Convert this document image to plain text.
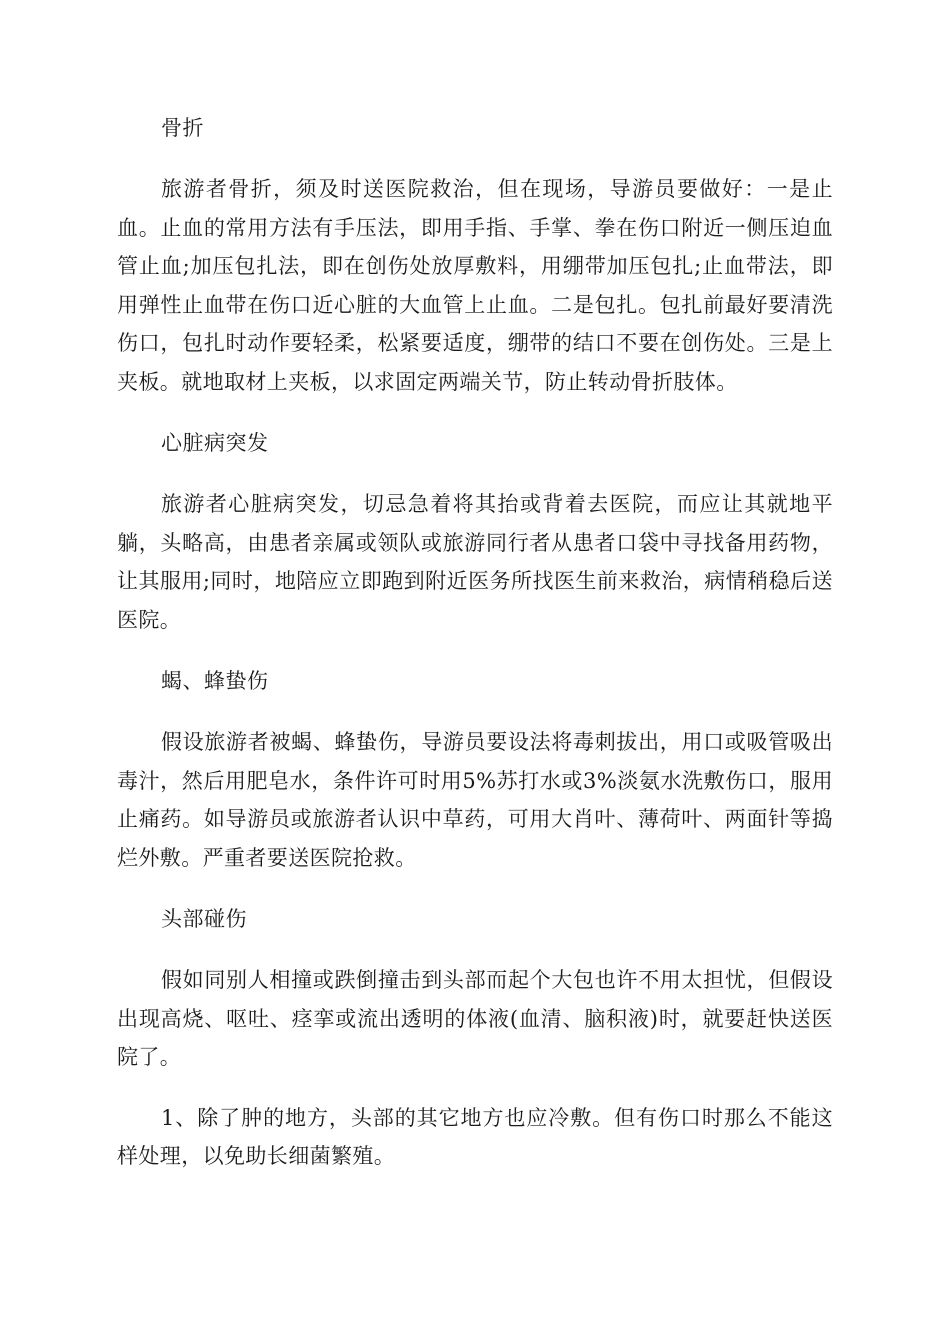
骨折

旅游者骨折，须及时送医院救治，但在现场，导游员要做好：一是止血。止血的常用方法有手压法，即用手指、手掌、拳在伤口附近一侧压迫血管止血;加压包扎法，即在创伤处放厚敷料，用绷带加压包扎;止血带法，即用弹性止血带在伤口近心脏的大血管上止血。二是包扎。包扎前最好要清洗伤口，包扎时动作要轻柔，松紧要适度，绷带的结口不要在创伤处。三是上夹板。就地取材上夹板，以求固定两端关节，防止转动骨折肢体。

心脏病突发

旅游者心脏病突发，切忌急着将其抬或背着去医院，而应让其就地平躺，头略高，由患者亲属或领队或旅游同行者从患者口袋中寻找备用药物，让其服用;同时，地陪应立即跑到附近医务所找医生前来救治，病情稍稳后送医院。

蝎、蜂蛰伤

假设旅游者被蝎、蜂蛰伤，导游员要设法将毒刺拔出，用口或吸管吸出毒汁，然后用肥皂水，条件许可时用5%苏打水或3%淡氨水洗敷伤口，服用止痛药。如导游员或旅游者认识中草药，可用大肖叶、薄荷叶、两面针等捣烂外敷。严重者要送医院抢救。

头部碰伤

假如同别人相撞或跌倒撞击到头部而起个大包也许不用太担忧，但假设出现高烧、呕吐、痉挛或流出透明的体液(血清、脑积液)时，就要赶快送医院了。

1、除了肿的地方，头部的其它地方也应冷敷。但有伤口时那么不能这样处理，以免助长细菌繁殖。
